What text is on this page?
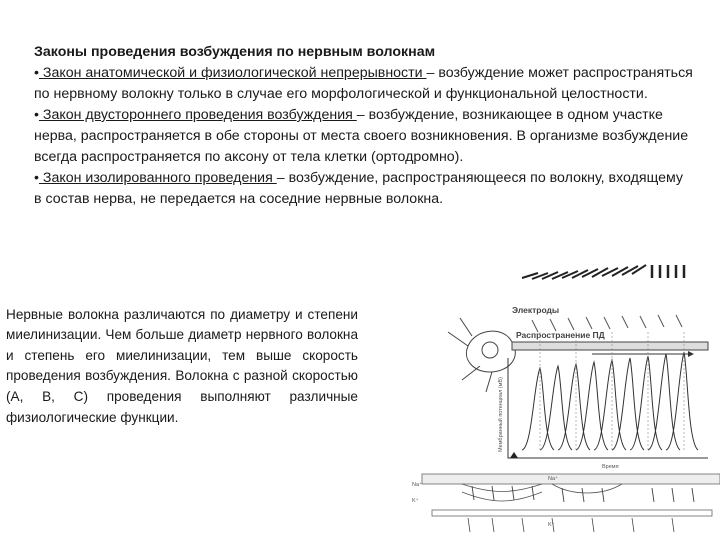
Законы проведения возбуждения по нервным волокнам

• Закон анатомической и физиологической непрерывности – возбуждение может распространяться по нервному волокну только в случае его морфологической и функциональной целостности.

• Закон двустороннего проведения возбуждения – возбуждение, возникающее в одном участке нерва, распространяется в обе стороны от места своего возникновения. В организме возбуждение всегда распространяется по аксону от тела клетки (ортодромно).

• Закон изолированного проведения – возбуждение, распространяющееся по волокну, входящему в состав нерва, не передается на соседние нервные волокна.

Нервные волокна различаются по диаметру и степени миелинизации. Чем больше диаметр нервного волокна и степень его миелинизации, тем выше скорость проведения возбуждения. Волокна с разной скоростью (A, B, C) проведения выполняют различные физиологические функции.

Электроды
Распространение ПД
Мембранный потенциал (мВ)
Время
Na⁺
K⁺
Na⁺
K⁺
